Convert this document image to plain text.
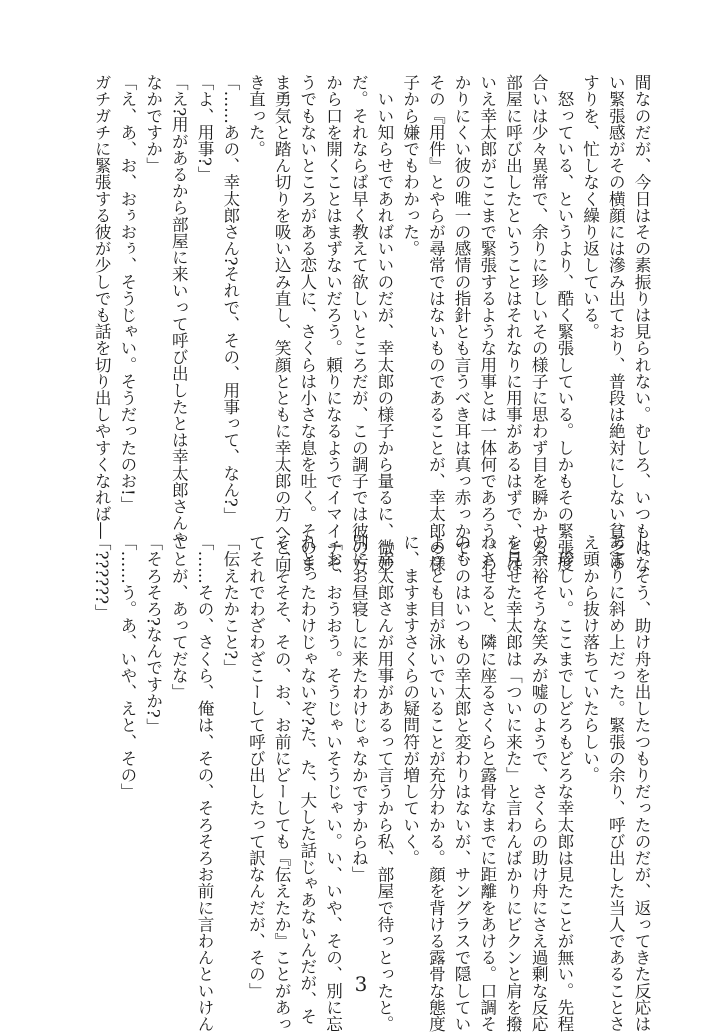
間なのだが、今日はその素振りは見られない。むしろ、いつもはな
い緊張感がその横顔には滲み出ており、普段は絶対にしない貧乏ゆ
すりを、忙しなく繰り返している。
　怒っている、というより、酷く緊張している。しかもその緊張度
合いは少々異常で、余りに珍しいその様子に思わず目を瞬かせる。
部屋に呼び出したということはそれなりに用事があるはずで、とは
いえ幸太郎がここまで緊張するような用事とは一体何であろう。わ
かりにくい彼の唯一の感情の指針とも言うべき耳は真っ赤っかで、
その『用件』とやらが尋常ではないものであることが、幸太郎の様
子から嫌でもわかった。
　いい知らせであればいいのだが、幸太郎の様子から量るに、微妙
だ。それならば早く教えて欲しいところだが、この調子では彼の方
から口を開くことはまずないだろう。頼りになるようでイマイチそ
うでもないところがある恋人に、さくらは小さな息を吐く。そのま
ま勇気と踏ん切りを吸い込み直し、笑顔とともに幸太郎の方へと向
き直った。
「……あの、幸太郎さん?それで、その、用事って、なん?」
「よ、用事?」
「え?用があるから部屋に来いって呼び出したとは幸太郎さんや
なかですか」
「え、あ、お、おぅおぅ、そうじゃい。そうだったのお!」
ガチガチに緊張する彼が少しでも話を切り出しやすくなれば―
―。そう、助け舟を出したつもりだったのだが、返ってきた反応は
あまりに斜め上だった。緊張の余り、呼び出した当人であることさ
え頭から抜け落ちていたらしい。
　珍しい。ここまでしどろもどろな幸太郎は見たことが無い。先程
の余裕そうな笑みが嘘のようで、さくらの助け舟にさえ過剰な反応
を見せた幸太郎は「ついに来た」と言わんばかりにビクンと肩を撥
ねさせると、隣に座るさくらと露骨なまでに距離をあける。口調そ
のものはいつもの幸太郎と変わりはないが、サングラスで隠してい
ようとも目が泳いでいることが充分わかる。顔を背ける露骨な態度
に、ますますさくらの疑問符が増していく。
「幸太郎さんが用事があるって言うから私、部屋で待っとったと。
別にお昼寝しに来たわけじゃなかですからね」
「お、おうおう。そうじゃいそうじゃい。い、いや、その、別に忘
れとったわけじゃないぞ?た、た、大した話じゃあないんだが、そ
そ、そそそ、その、お、お前にどーしても『伝えたか』ことがあっ
てそれでわざわざこーして呼び出したって訳なんだが、その」
「伝えたかこと?」
「……その、さくら、俺は、その、そろそろお前に言わんといけん
ことが、あってだな」
「そろそろ?なんですか?」
「……う。あ、いや、えと、その」
「??????」
3
